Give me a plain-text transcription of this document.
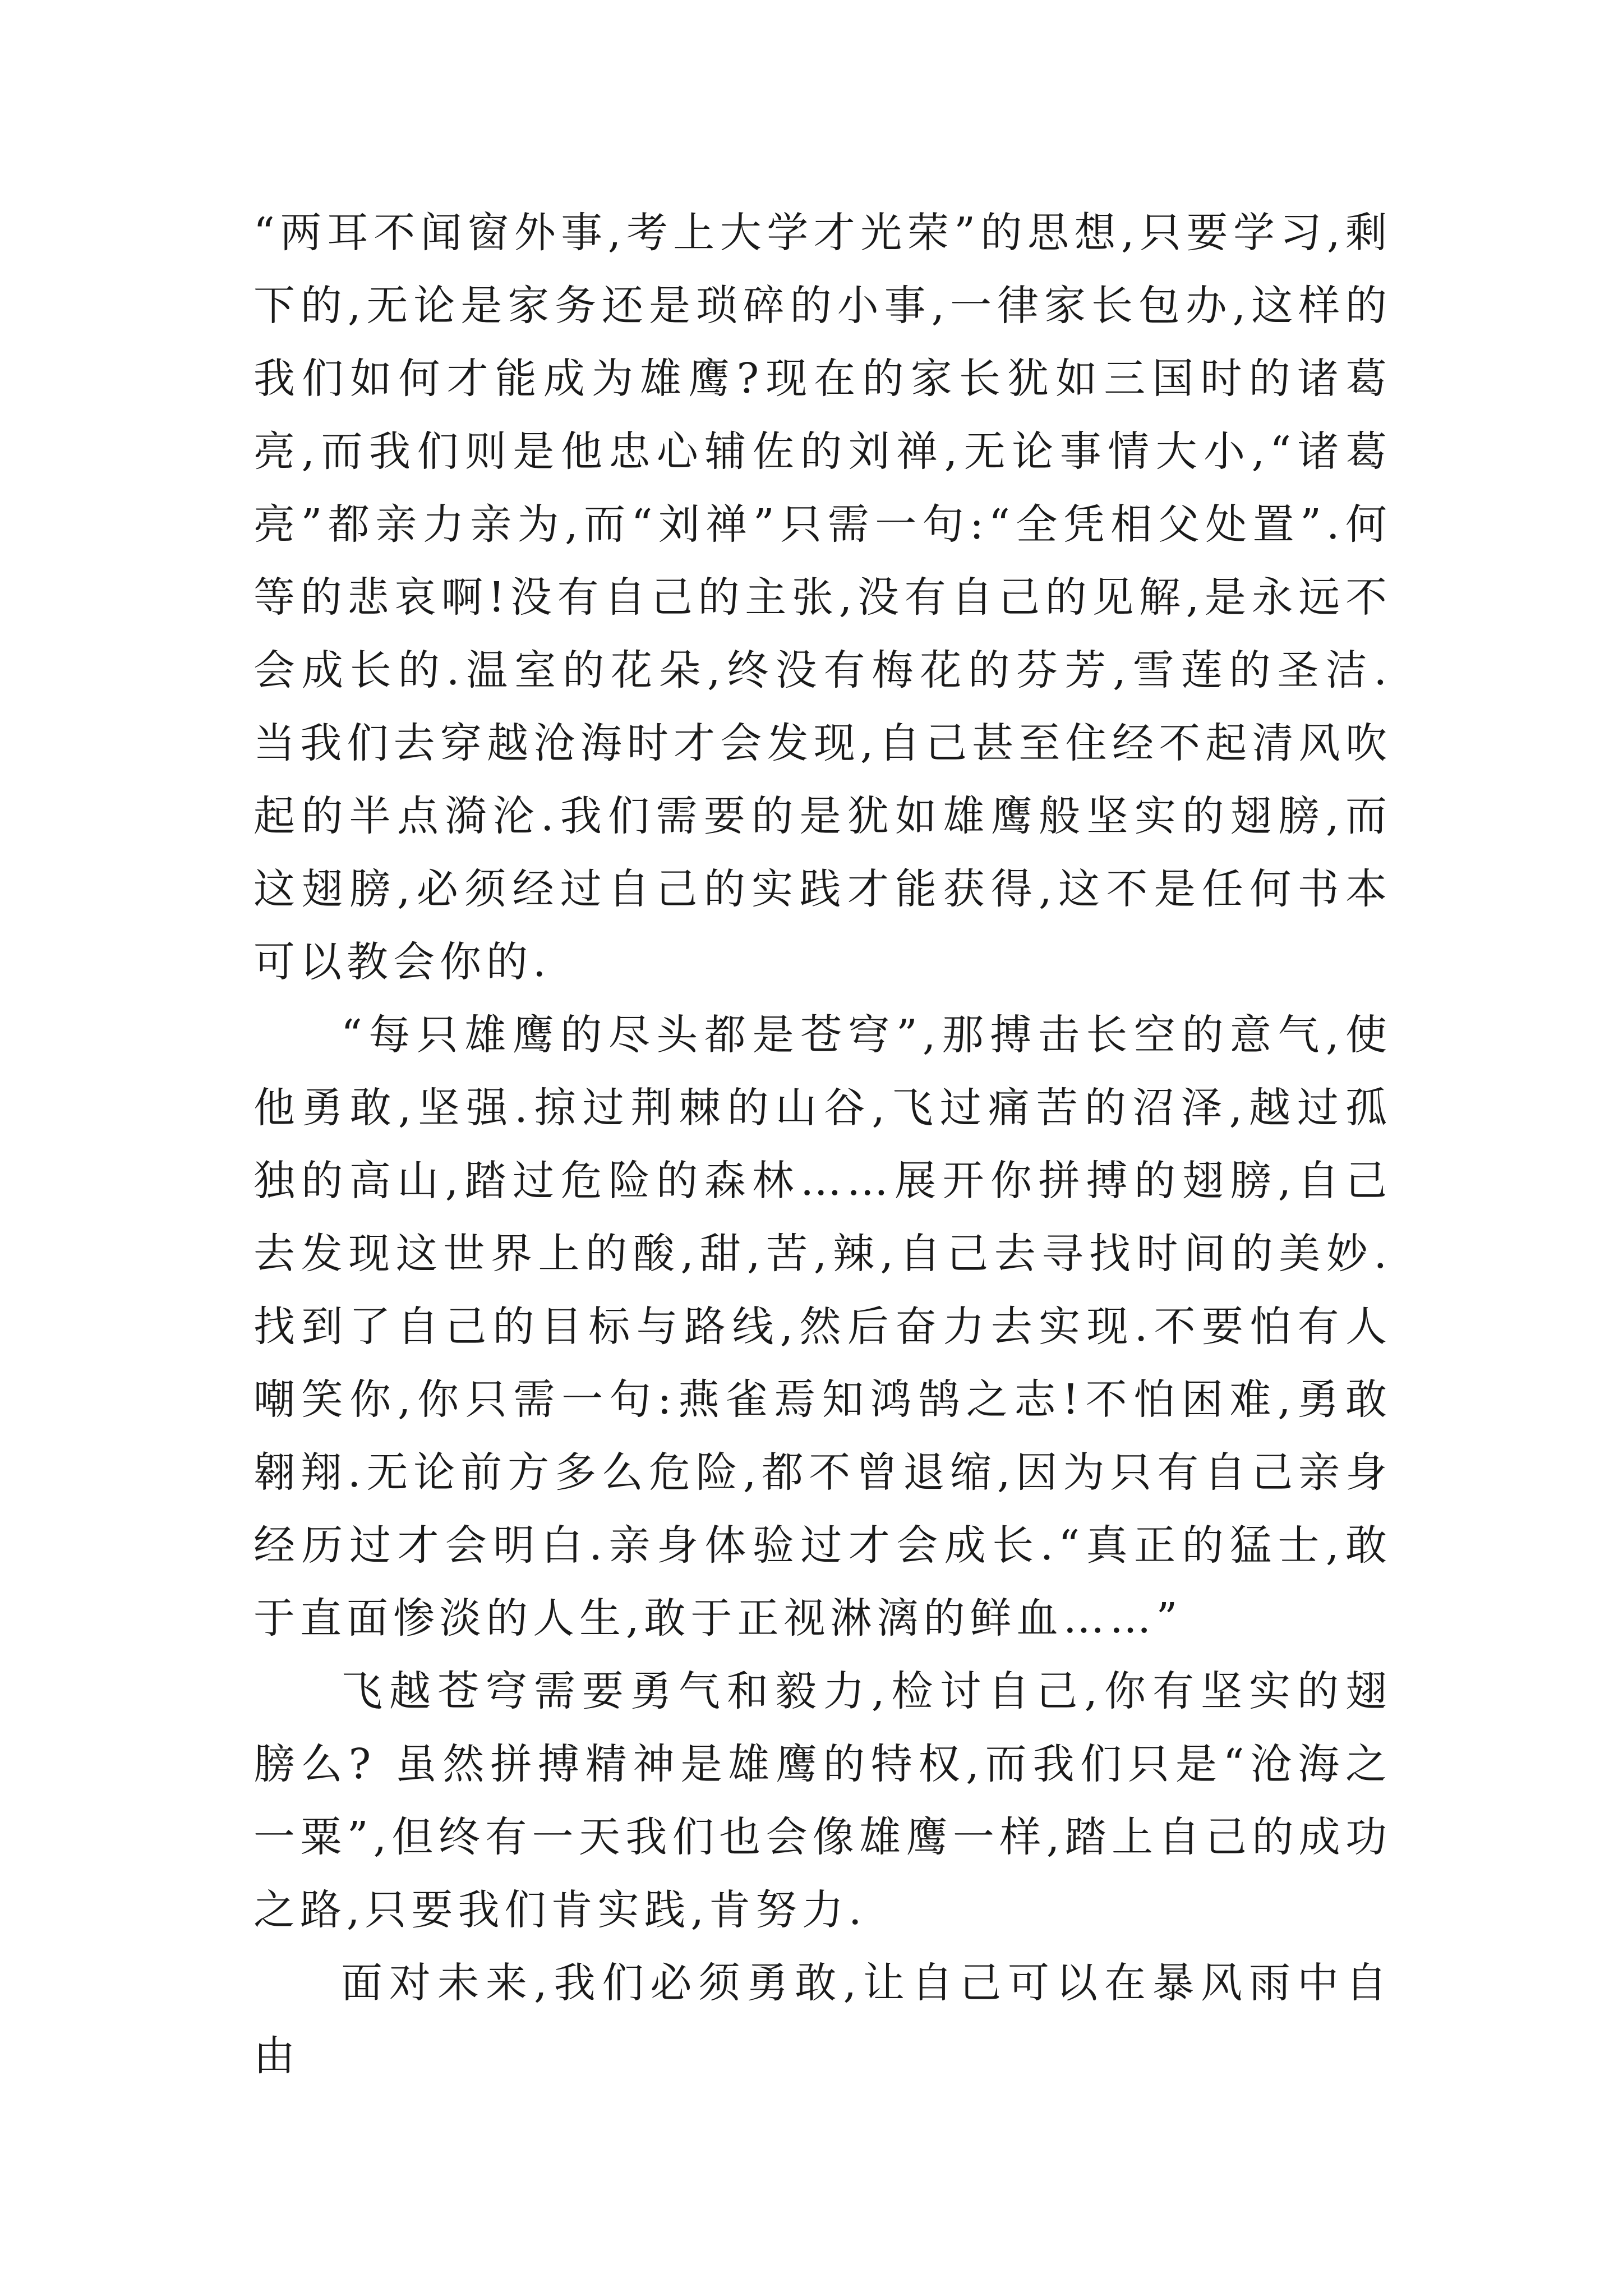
“两耳不闻窗外事,考上大学才光荣”的思想,只要学习,剩下的,无论是家务还是琐碎的小事,一律家长包办,这样的我们如何才能成为雄鹰?现在的家长犹如三国时的诸葛亮,而我们则是他忠心辅佐的刘禅,无论事情大小,“诸葛亮”都亲力亲为,而“刘禅”只需一句:“全凭相父处置”.何等的悲哀啊!没有自己的主张,没有自己的见解,是永远不会成长的.温室的花朵,终没有梅花的芬芳,雪莲的圣洁.当我们去穿越沧海时才会发现,自己甚至住经不起清风吹起的半点漪沦.我们需要的是犹如雄鹰般坚实的翅膀,而这翅膀,必须经过自己的实践才能获得,这不是任何书本可以教会你的.

“每只雄鹰的尽头都是苍穹”,那搏击长空的意气,使他勇敢,坚强.掠过荆棘的山谷,飞过痛苦的沼泽,越过孤独的高山,踏过危险的森林……展开你拼搏的翅膀,自己去发现这世界上的酸,甜,苦,辣,自己去寻找时间的美妙.找到了自己的目标与路线,然后奋力去实现.不要怕有人嘲笑你,你只需一句:燕雀焉知鸿鹄之志!不怕困难,勇敢翱翔.无论前方多么危险,都不曾退缩,因为只有自己亲身经历过才会明白.亲身体验过才会成长.“真正的猛士,敢于直面惨淡的人生,敢于正视淋漓的鲜血……”

飞越苍穹需要勇气和毅力,检讨自己,你有坚实的翅膀么? 虽然拼搏精神是雄鹰的特权,而我们只是“沧海之一粟”,但终有一天我们也会像雄鹰一样,踏上自己的成功之路,只要我们肯实践,肯努力.

面对未来,我们必须勇敢,让自己可以在暴风雨中自由
